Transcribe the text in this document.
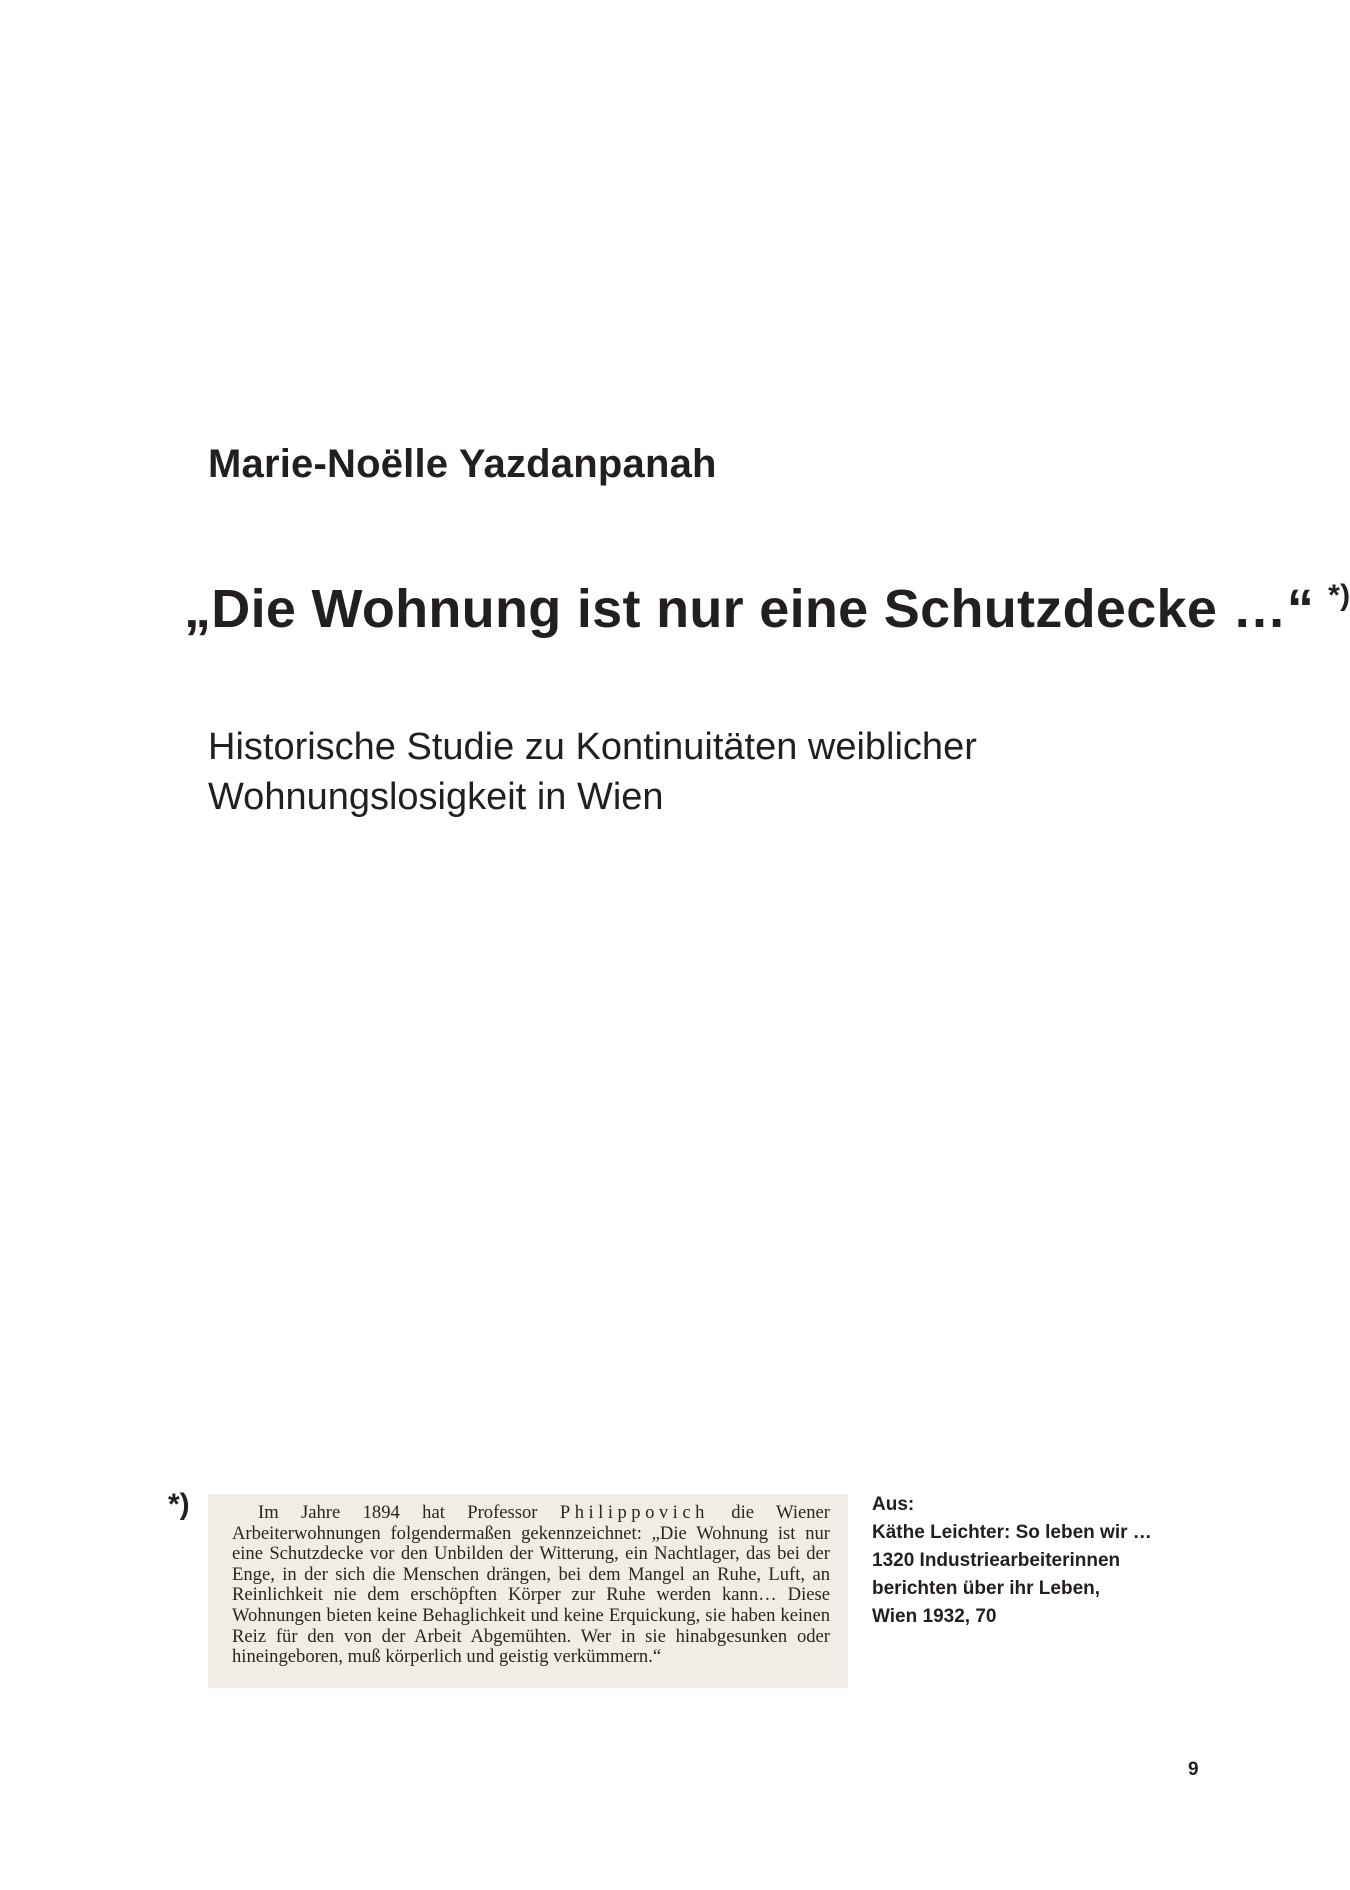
Marie-Noëlle Yazdanpanah
„Die Wohnung ist nur eine Schutzdecke …“ *)
Historische Studie zu Kontinuitäten weiblicher
Wohnungslosigkeit in Wien
*)	Im Jahre 1894 hat Professor Philippovich die Wiener Arbeiterwohnungen folgendermaßen gekennzeichnet: „Die Wohnung ist nur eine Schutzdecke vor den Unbilden der Witterung, ein Nachtlager, das bei der Enge, in der sich die Menschen drängen, bei dem Mangel an Ruhe, Luft, an Reinlichkeit nie dem erschöpften Körper zur Ruhe werden kann… Diese Wohnungen bieten keine Behaglichkeit und keine Erquickung, sie haben keinen Reiz für den von der Arbeit Abgemühten. Wer in sie hinabgesunken oder hineingeboren, muß körperlich und geistig verkümmern.“

Aus:
Käthe Leichter: So leben wir …
1320 Industriearbeiterinnen
berichten über ihr Leben,
Wien 1932, 70
9
